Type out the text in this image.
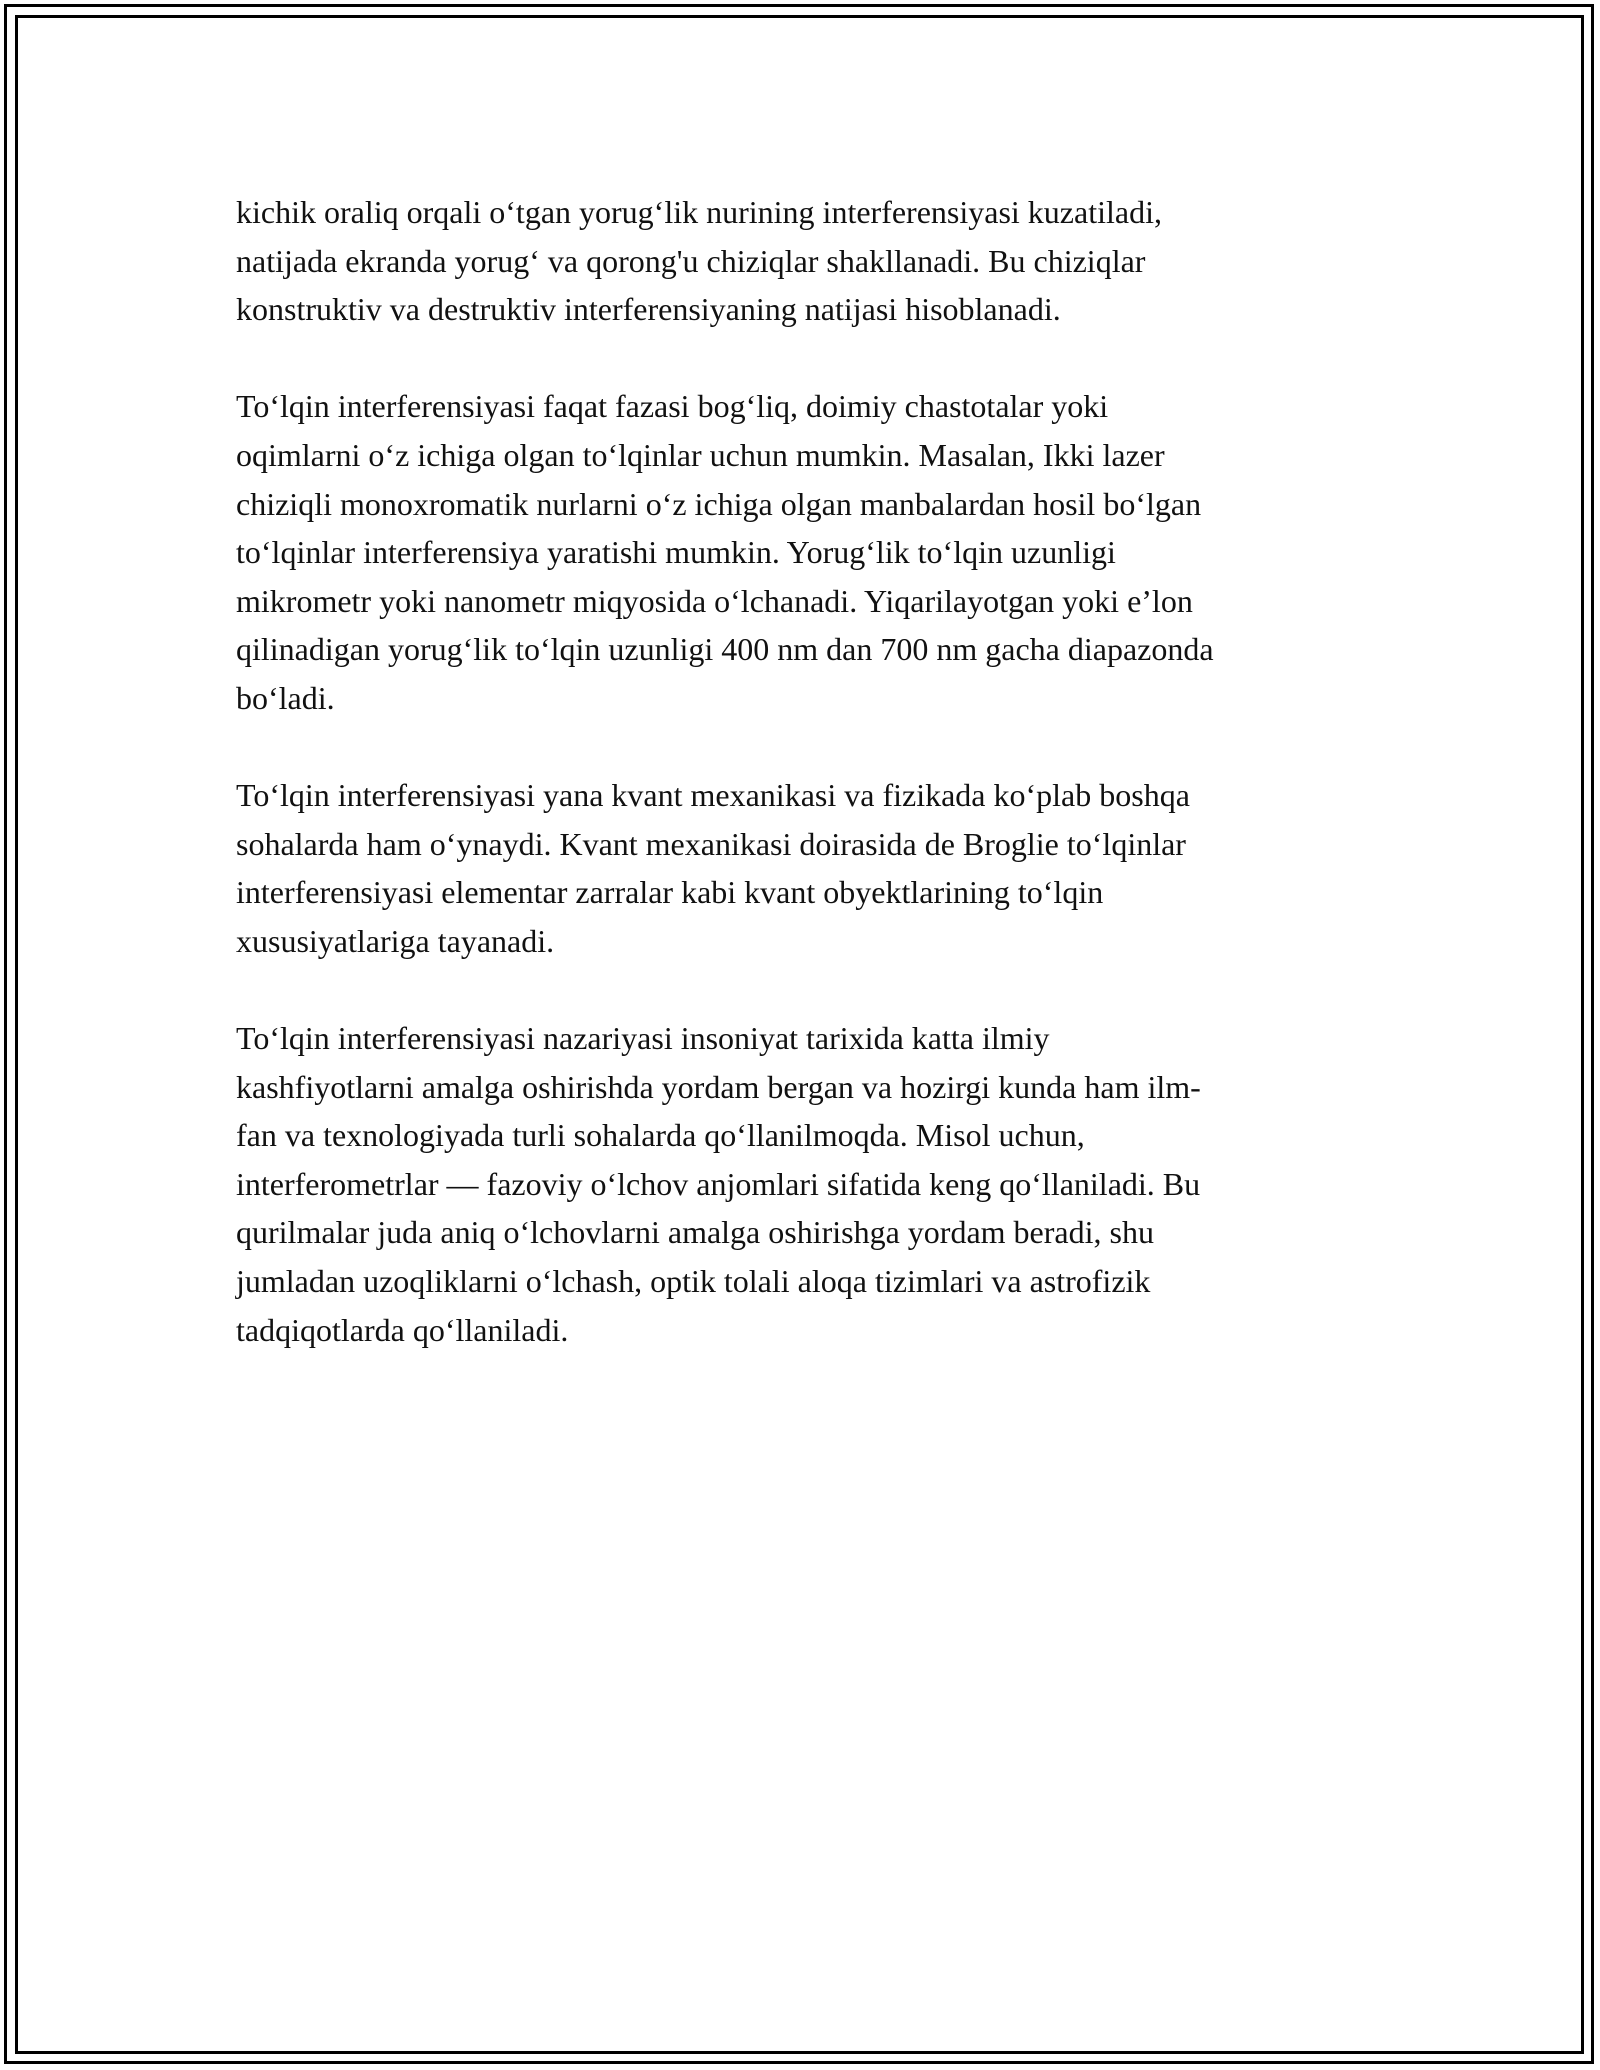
kichik oraliq orqali o‘tgan yorug‘lik nurining interferensiyasi kuzatiladi,
natijada ekranda yorug‘ va qorong'u chiziqlar shakllanadi. Bu chiziqlar
konstruktiv va destruktiv interferensiyaning natijasi hisoblanadi.

To‘lqin interferensiyasi faqat fazasi bog‘liq, doimiy chastotalar yoki
oqimlarni o‘z ichiga olgan to‘lqinlar uchun mumkin. Masalan, Ikki lazer
chiziqli monoxromatik nurlarni o‘z ichiga olgan manbalardan hosil bo‘lgan
to‘lqinlar interferensiya yaratishi mumkin. Yorug‘lik to‘lqin uzunligi
mikrometr yoki nanometr miqyosida o‘lchanadi. Yiqarilayotgan yoki e’lon
qilinadigan yorug‘lik to‘lqin uzunligi 400 nm dan 700 nm gacha diapazonda
bo‘ladi.

To‘lqin interferensiyasi yana kvant mexanikasi va fizikada ko‘plab boshqa
sohalarda ham o‘ynaydi. Kvant mexanikasi doirasida de Broglie to‘lqinlar
interferensiyasi elementar zarralar kabi kvant obyektlarining to‘lqin
xususiyatlariga tayanadi.

To‘lqin interferensiyasi nazariyasi insoniyat tarixida katta ilmiy
kashfiyotlarni amalga oshirishda yordam bergan va hozirgi kunda ham ilm-
fan va texnologiyada turli sohalarda qo‘llanilmoqda. Misol uchun,
interferometrlar — fazoviy o‘lchov anjomlari sifatida keng qo‘llaniladi. Bu
qurilmalar juda aniq o‘lchovlarni amalga oshirishga yordam beradi, shu
jumladan uzoqliklarni o‘lchash, optik tolali aloqa tizimlari va astrofizik
tadqiqotlarda qo‘llaniladi.
